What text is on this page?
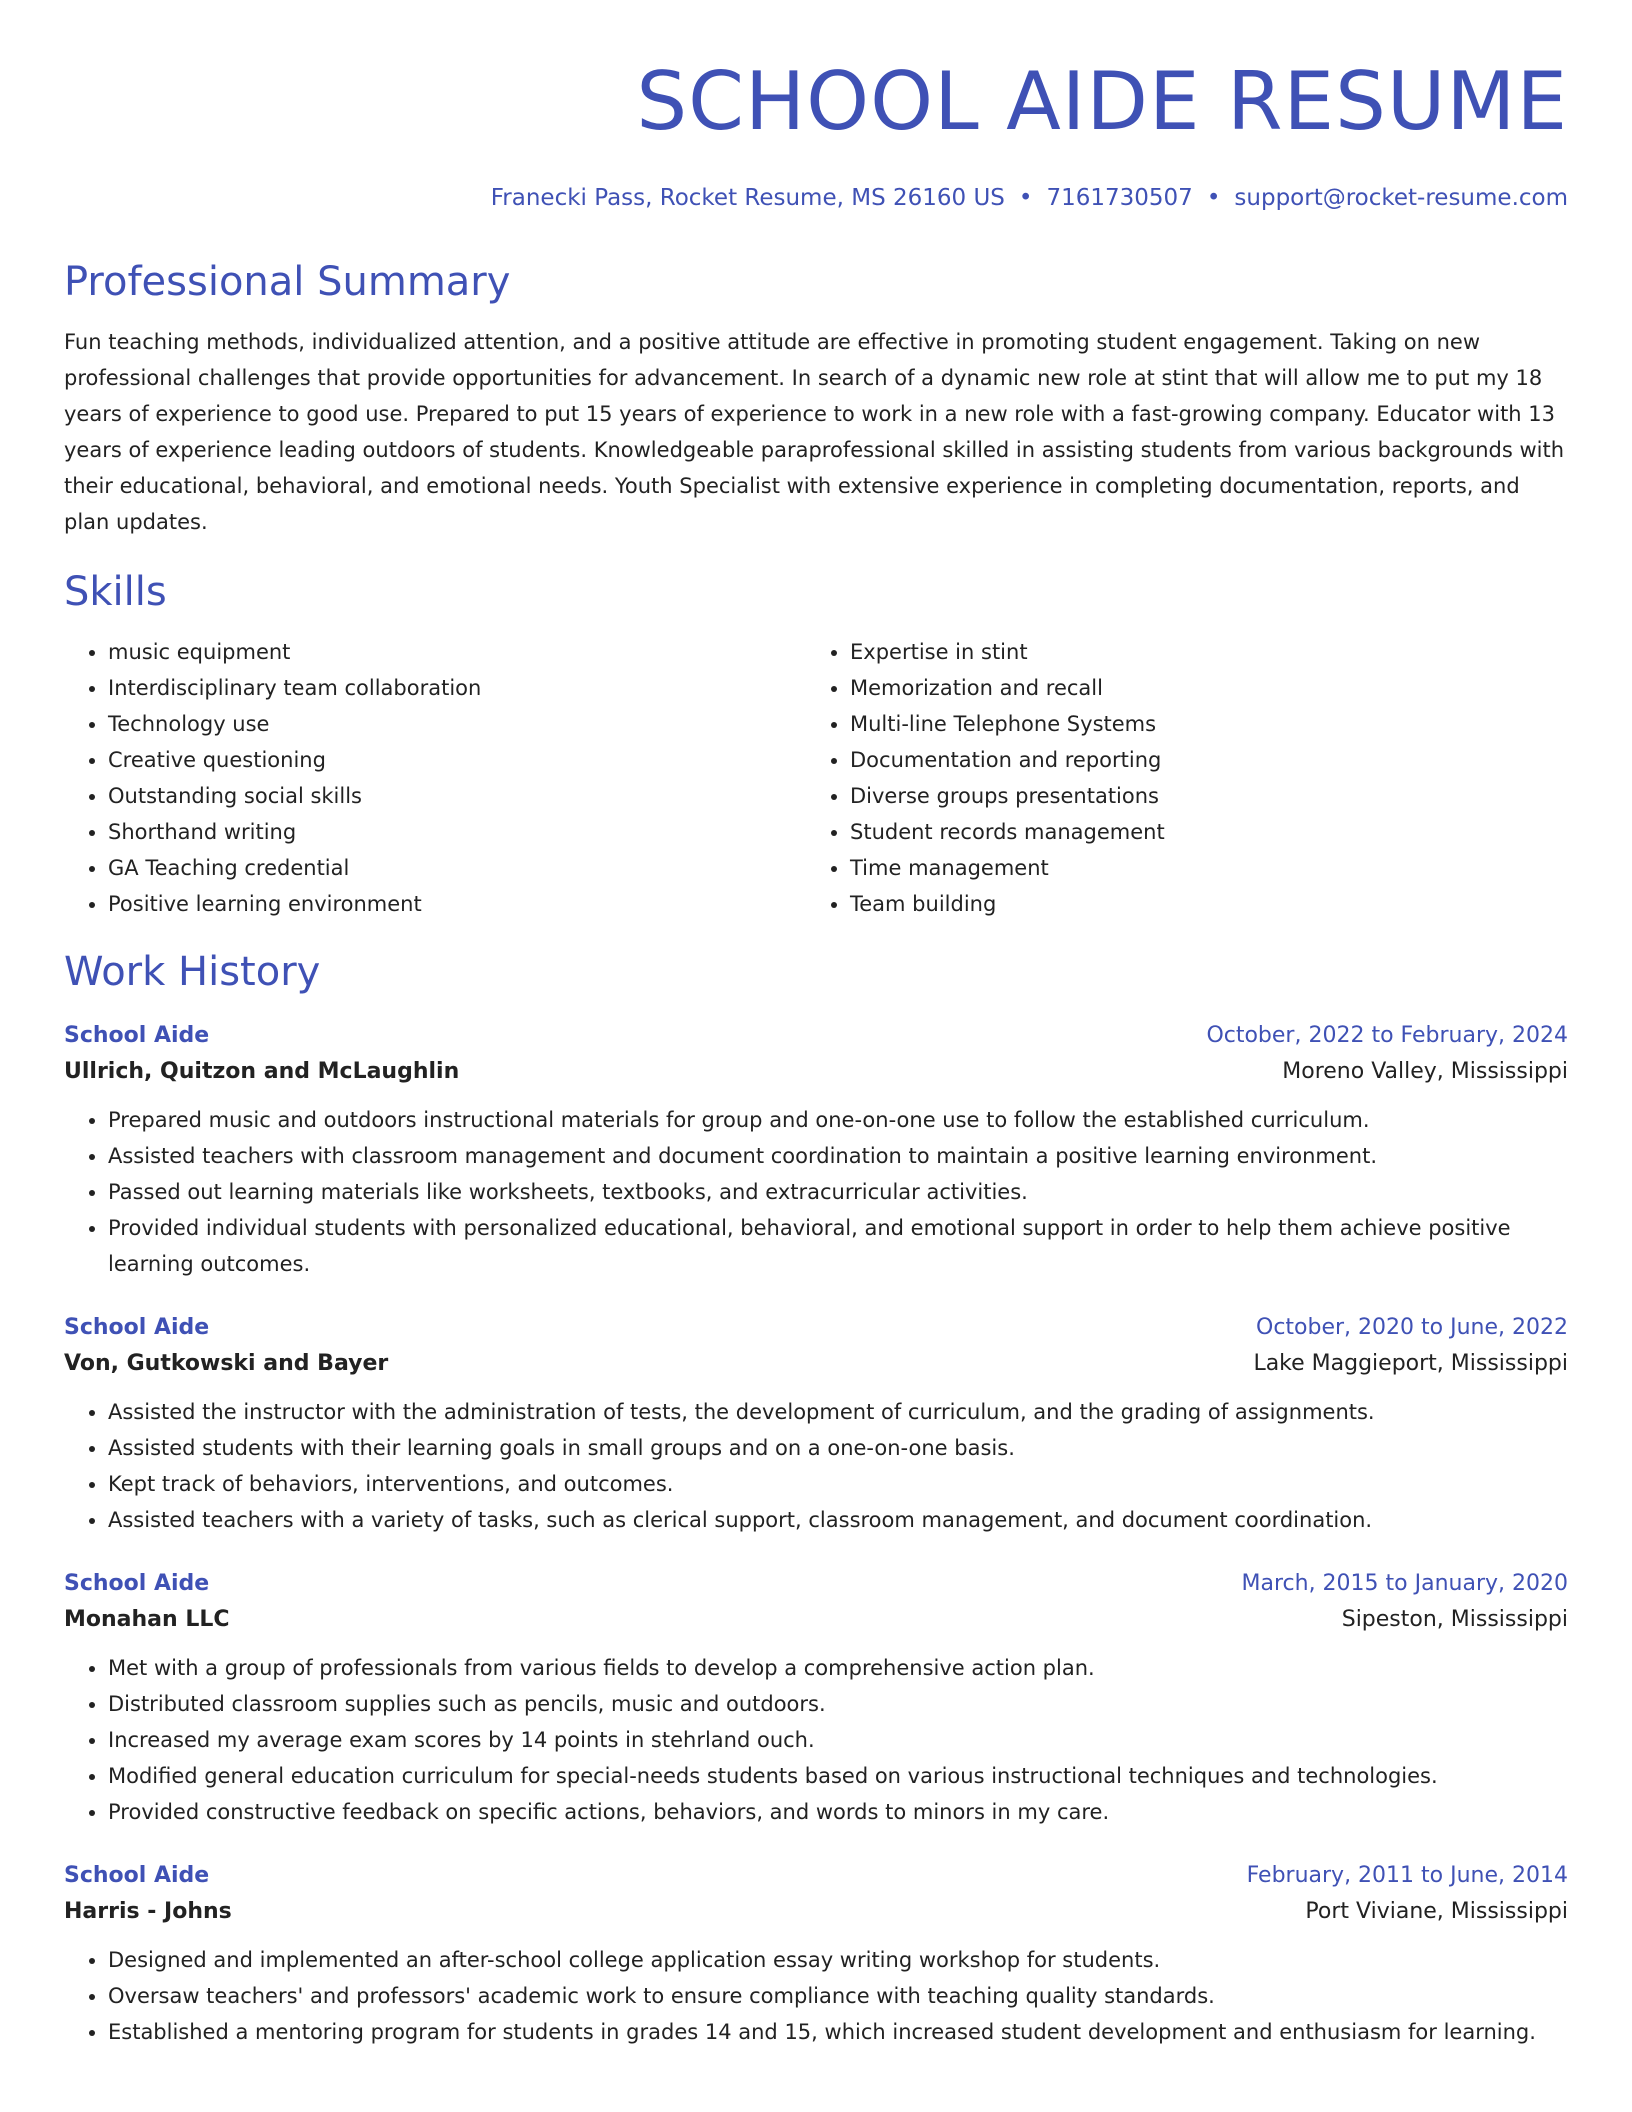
SCHOOL AIDE RESUME
Franecki Pass, Rocket Resume, MS 26160 US • 7161730507 • support@rocket-resume.com
Professional Summary
Fun teaching methods, individualized attention, and a positive attitude are effective in promoting student engagement. Taking on new professional challenges that provide opportunities for advancement. In search of a dynamic new role at stint that will allow me to put my 18 years of experience to good use. Prepared to put 15 years of experience to work in a new role with a fast-growing company. Educator with 13 years of experience leading outdoors of students. Knowledgeable paraprofessional skilled in assisting students from various backgrounds with their educational, behavioral, and emotional needs. Youth Specialist with extensive experience in completing documentation, reports, and plan updates.
Skills
• music equipment
• Interdisciplinary team collaboration
• Technology use
• Creative questioning
• Outstanding social skills
• Shorthand writing
• GA Teaching credential
• Positive learning environment
• Expertise in stint
• Memorization and recall
• Multi-line Telephone Systems
• Documentation and reporting
• Diverse groups presentations
• Student records management
• Time management
• Team building
Work History
School Aide	October, 2022 to February, 2024
Ullrich, Quitzon and McLaughlin	Moreno Valley, Mississippi
• Prepared music and outdoors instructional materials for group and one-on-one use to follow the established curriculum.
• Assisted teachers with classroom management and document coordination to maintain a positive learning environment.
• Passed out learning materials like worksheets, textbooks, and extracurricular activities.
• Provided individual students with personalized educational, behavioral, and emotional support in order to help them achieve positive learning outcomes.
School Aide	October, 2020 to June, 2022
Von, Gutkowski and Bayer	Lake Maggieport, Mississippi
• Assisted the instructor with the administration of tests, the development of curriculum, and the grading of assignments.
• Assisted students with their learning goals in small groups and on a one-on-one basis.
• Kept track of behaviors, interventions, and outcomes.
• Assisted teachers with a variety of tasks, such as clerical support, classroom management, and document coordination.
School Aide	March, 2015 to January, 2020
Monahan LLC	Sipeston, Mississippi
• Met with a group of professionals from various fields to develop a comprehensive action plan.
• Distributed classroom supplies such as pencils, music and outdoors.
• Increased my average exam scores by 14 points in stehrland ouch.
• Modified general education curriculum for special-needs students based on various instructional techniques and technologies.
• Provided constructive feedback on specific actions, behaviors, and words to minors in my care.
School Aide	February, 2011 to June, 2014
Harris - Johns	Port Viviane, Mississippi
• Designed and implemented an after-school college application essay writing workshop for students.
• Oversaw teachers' and professors' academic work to ensure compliance with teaching quality standards.
• Established a mentoring program for students in grades 14 and 15, which increased student development and enthusiasm for learning.
